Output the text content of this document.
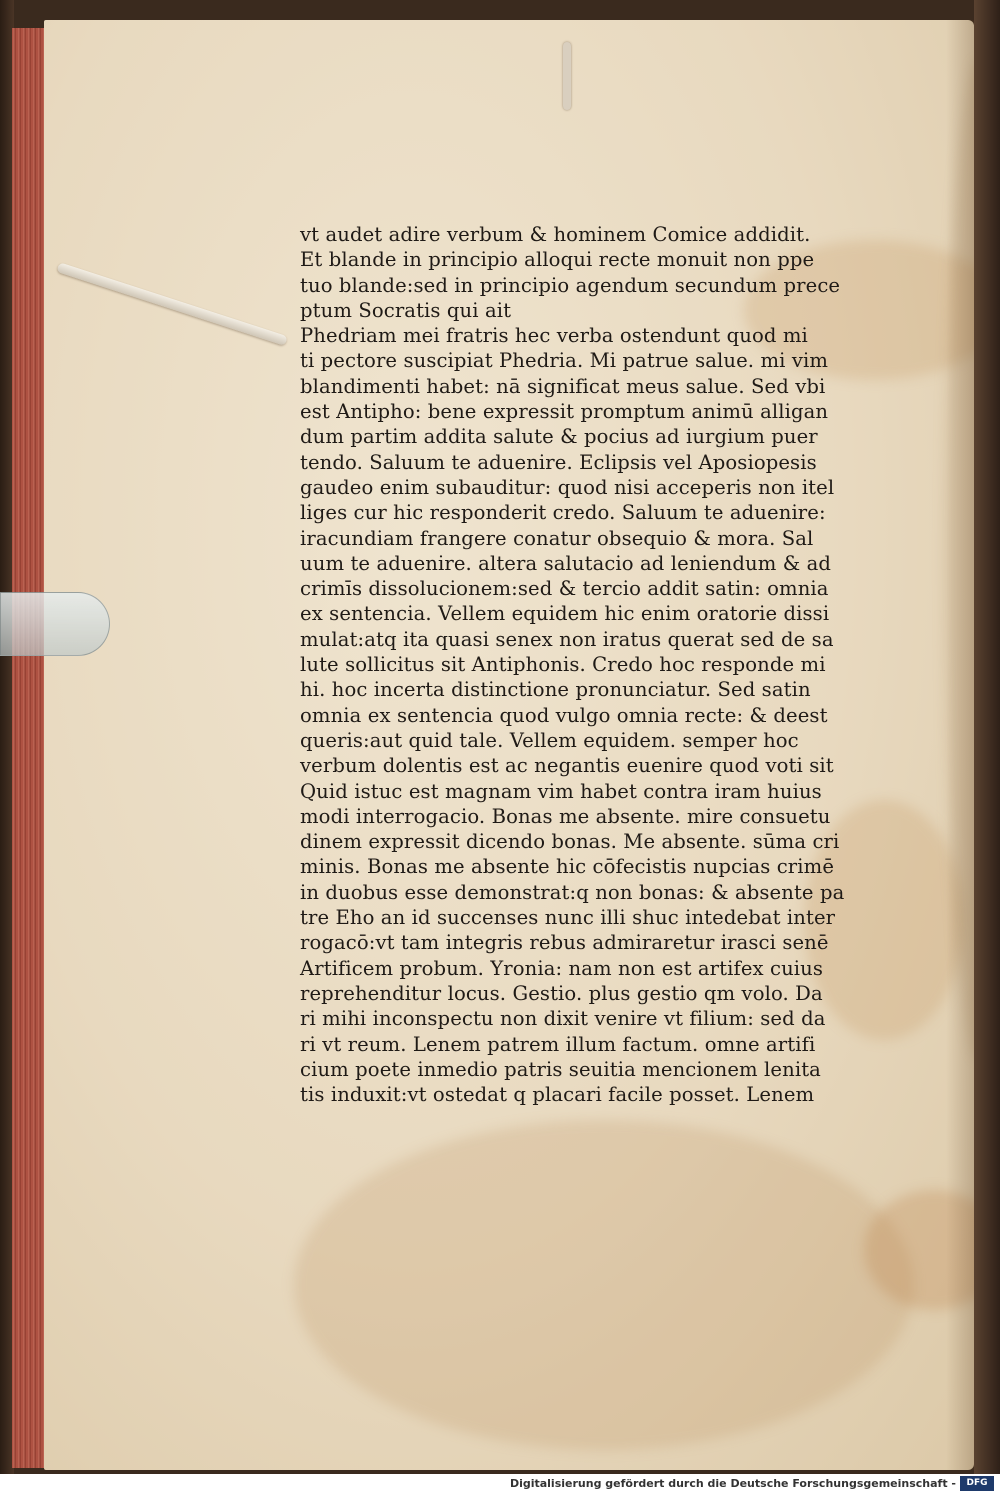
vt audet adire verbum & hominem Comice addidit.
Et blande in principio alloqui recte monuit non ppe
tuo blande:sed in principio agendum secundum prece
ptum Socratis qui ait
Phedriam mei fratris hec verba ostendunt quod mi
ti pectore suscipiat Phedria. Mi patrue salue. mi vim
blandimenti habet: nā significat meus salue. Sed vbi
est Antipho: bene expressit promptum animū alligan
dum partim addita salute & pocius ad iurgium puer
tendo. Saluum te aduenire. Eclipsis vel Aposiopesis
gaudeo enim subauditur: quod nisi acceperis non itel
liges cur hic responderit credo. Saluum te aduenire:
iracundiam frangere conatur obsequio & mora. Sal
uum te aduenire. altera salutacio ad leniendum & ad
crimīs dissolucionem:sed & tercio addit satin: omnia
ex sentencia. Vellem equidem hic enim oratorie dissi
mulat:atq ita quasi senex non iratus querat sed de sa
lute sollicitus sit Antiphonis. Credo hoc responde mi
hi. hoc incerta distinctione pronunciatur. Sed satin
omnia ex sentencia quod vulgo omnia recte: & deest
queris:aut quid tale. Vellem equidem. semper hoc
verbum dolentis est ac negantis euenire quod voti sit
Quid istuc est magnam vim habet contra iram huius
modi interrogacio. Bonas me absente. mire consuetu
dinem expressit dicendo bonas. Me absente. sūma cri
minis. Bonas me absente hic cōfecistis nupcias crimē
in duobus esse demonstrat:q non bonas: & absente pa
tre Eho an id succenses nunc illi shuc intedebat inter
rogacō:vt tam integris rebus admiraretur irasci senē
Artificem probum. Yronia: nam non est artifex cuius
reprehenditur locus. Gestio. plus gestio qm volo. Da
ri mihi inconspectu non dixit venire vt filium: sed da
ri vt reum. Lenem patrem illum factum. omne artifi
cium poete inmedio patris seuitia mencionem lenita
tis induxit:vt ostedat q placari facile posset. Lenem
Digitalisierung gefördert durch die Deutsche Forschungsgemeinschaft -	DFG
